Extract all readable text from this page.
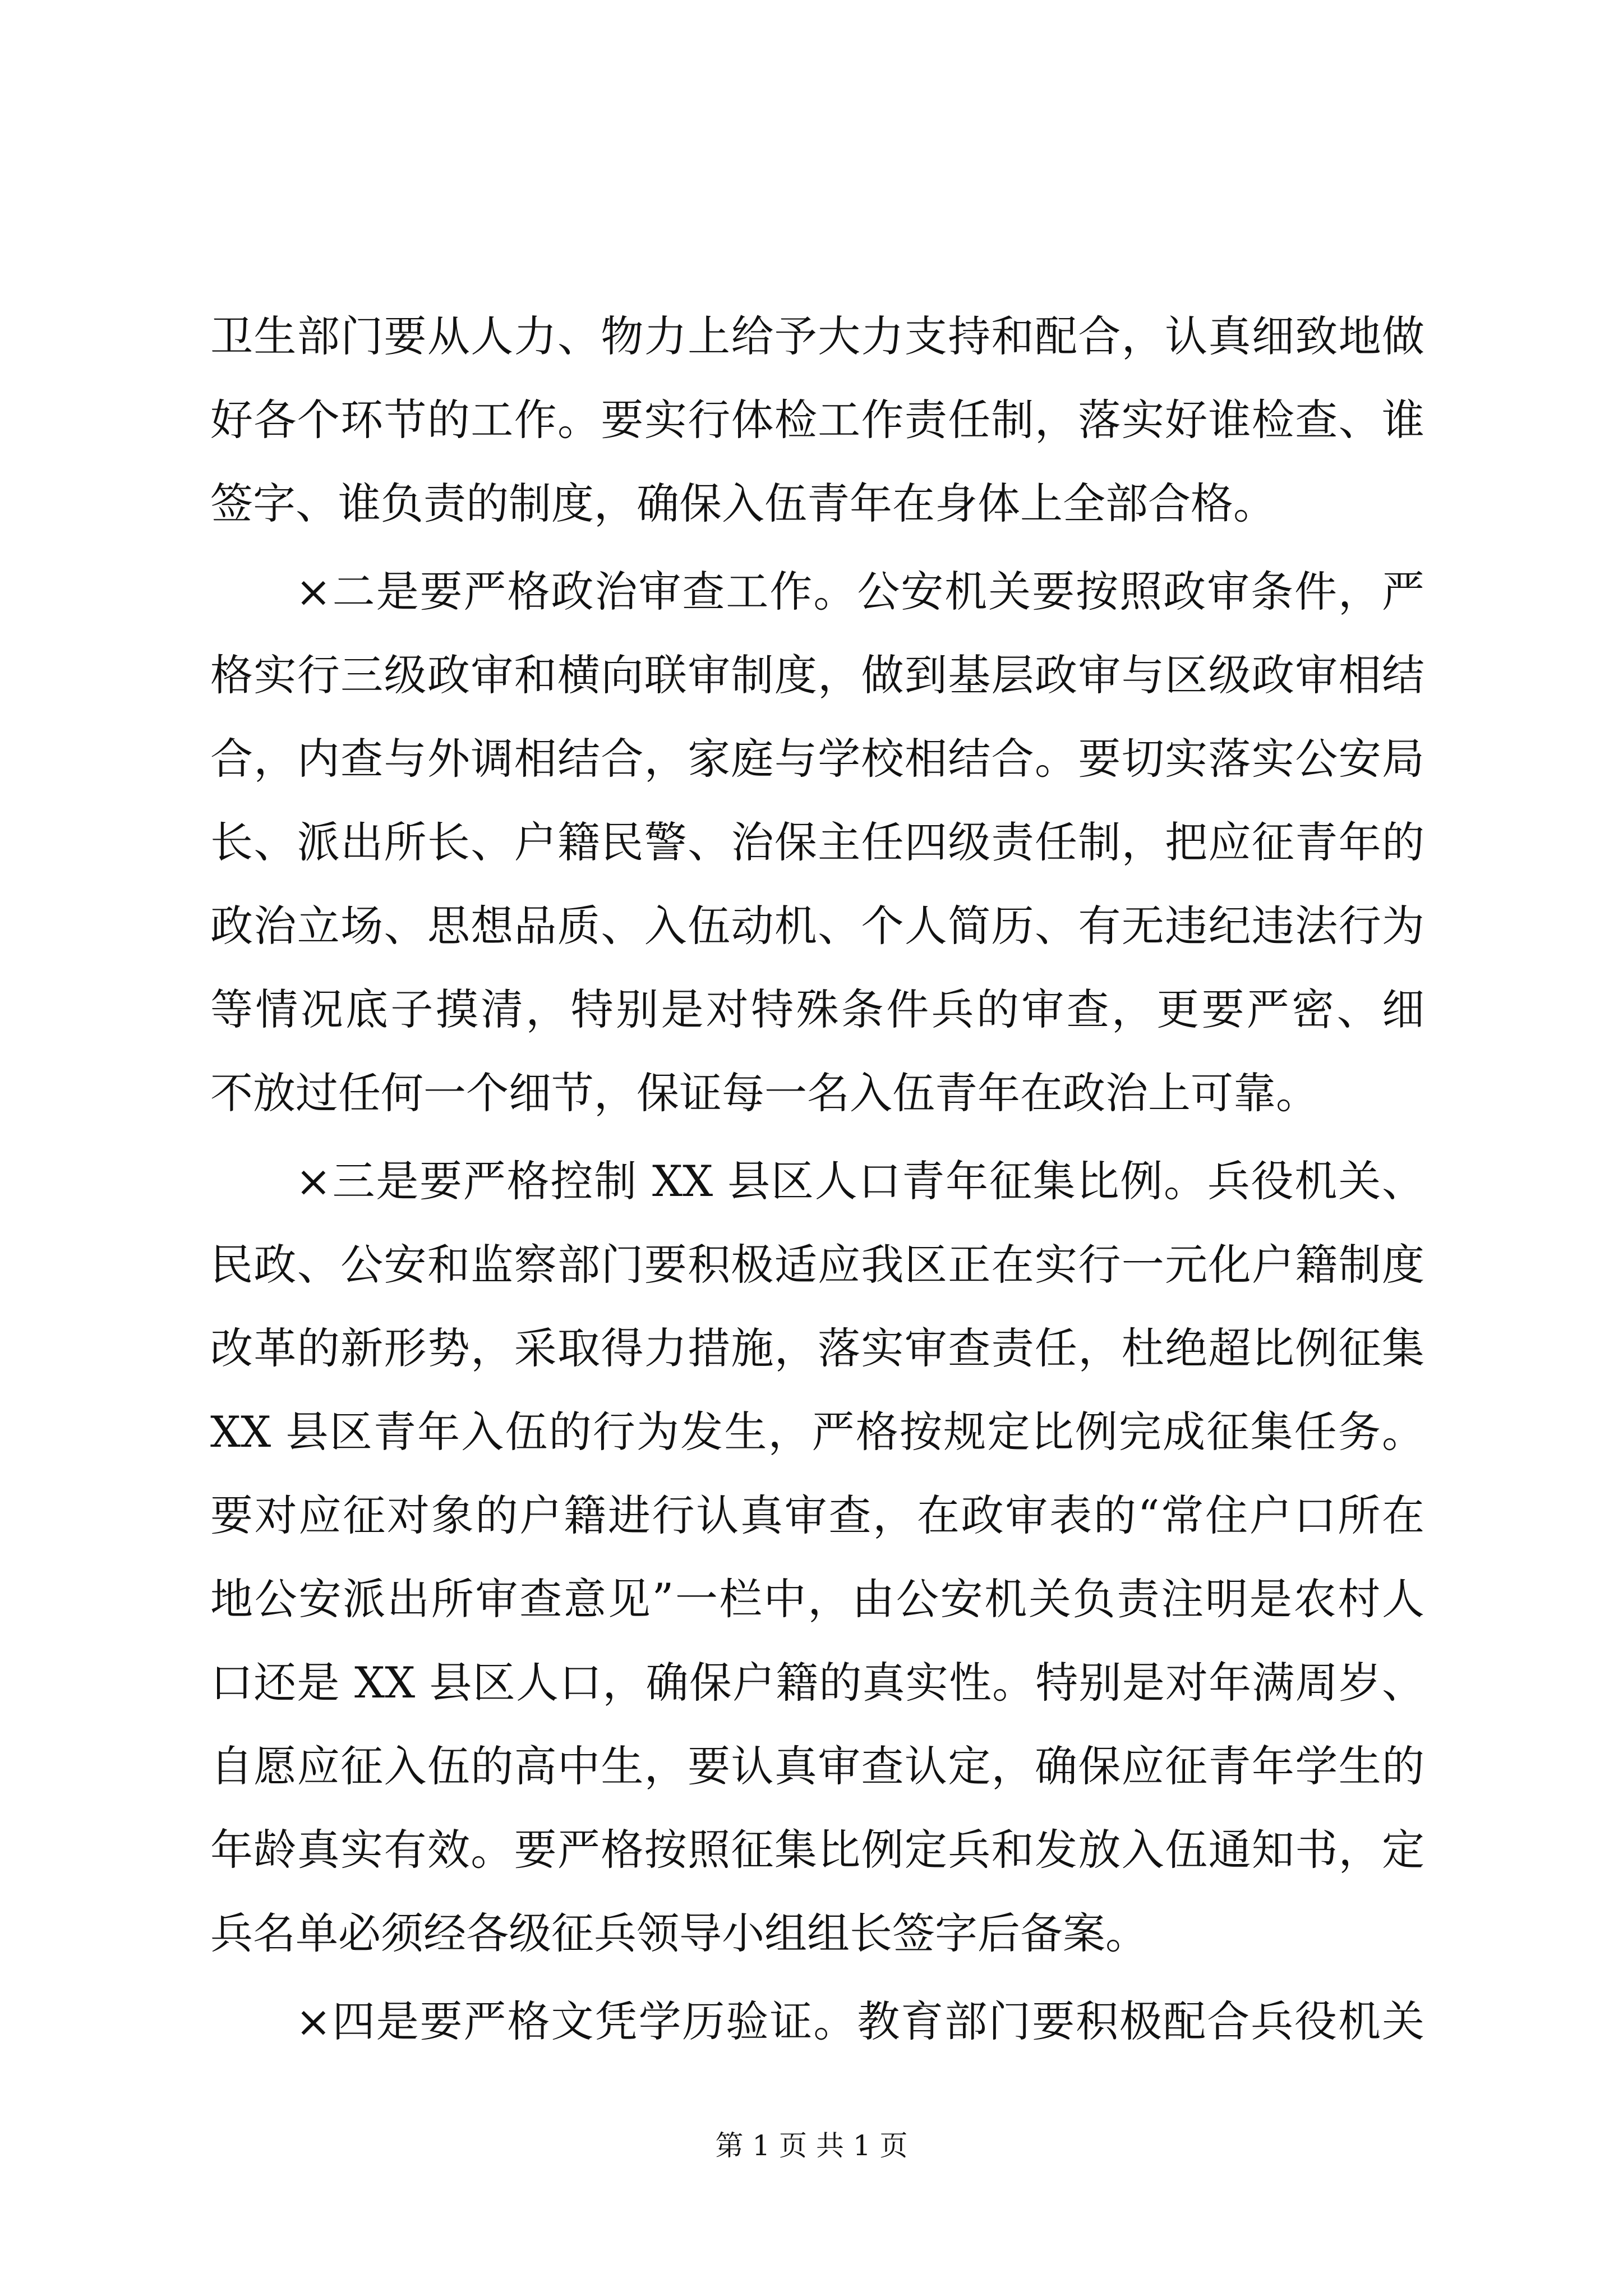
卫生部门要从人力、物力上给予大力支持和配合，认真细致地做
好各个环节的工作。要实行体检工作责任制，落实好谁检查、谁
签字、谁负责的制度，确保入伍青年在身体上全部合格。
×二是要严格政治审查工作。公安机关要按照政审条件，严
格实行三级政审和横向联审制度，做到基层政审与区级政审相结
合，内查与外调相结合，家庭与学校相结合。要切实落实公安局
长、派出所长、户籍民警、治保主任四级责任制，把应征青年的
政治立场、思想品质、入伍动机、个人简历、有无违纪违法行为
等情况底子摸清，特别是对特殊条件兵的审查，更要严密、细
不放过任何一个细节，保证每一名入伍青年在政治上可靠。
×三是要严格控制 XX 县区人口青年征集比例。兵役机关、
民政、公安和监察部门要积极适应我区正在实行一元化户籍制度
改革的新形势，采取得力措施，落实审查责任，杜绝超比例征集
XX 县区青年入伍的行为发生，严格按规定比例完成征集任务。
要对应征对象的户籍进行认真审查，在政审表的“常住户口所在
地公安派出所审查意见”一栏中，由公安机关负责注明是农村人
口还是 XX 县区人口，确保户籍的真实性。特别是对年满周岁、
自愿应征入伍的高中生，要认真审查认定，确保应征青年学生的
年龄真实有效。要严格按照征集比例定兵和发放入伍通知书，定
兵名单必须经各级征兵领导小组组长签字后备案。
×四是要严格文凭学历验证。教育部门要积极配合兵役机关
第 1 页 共 1 页
